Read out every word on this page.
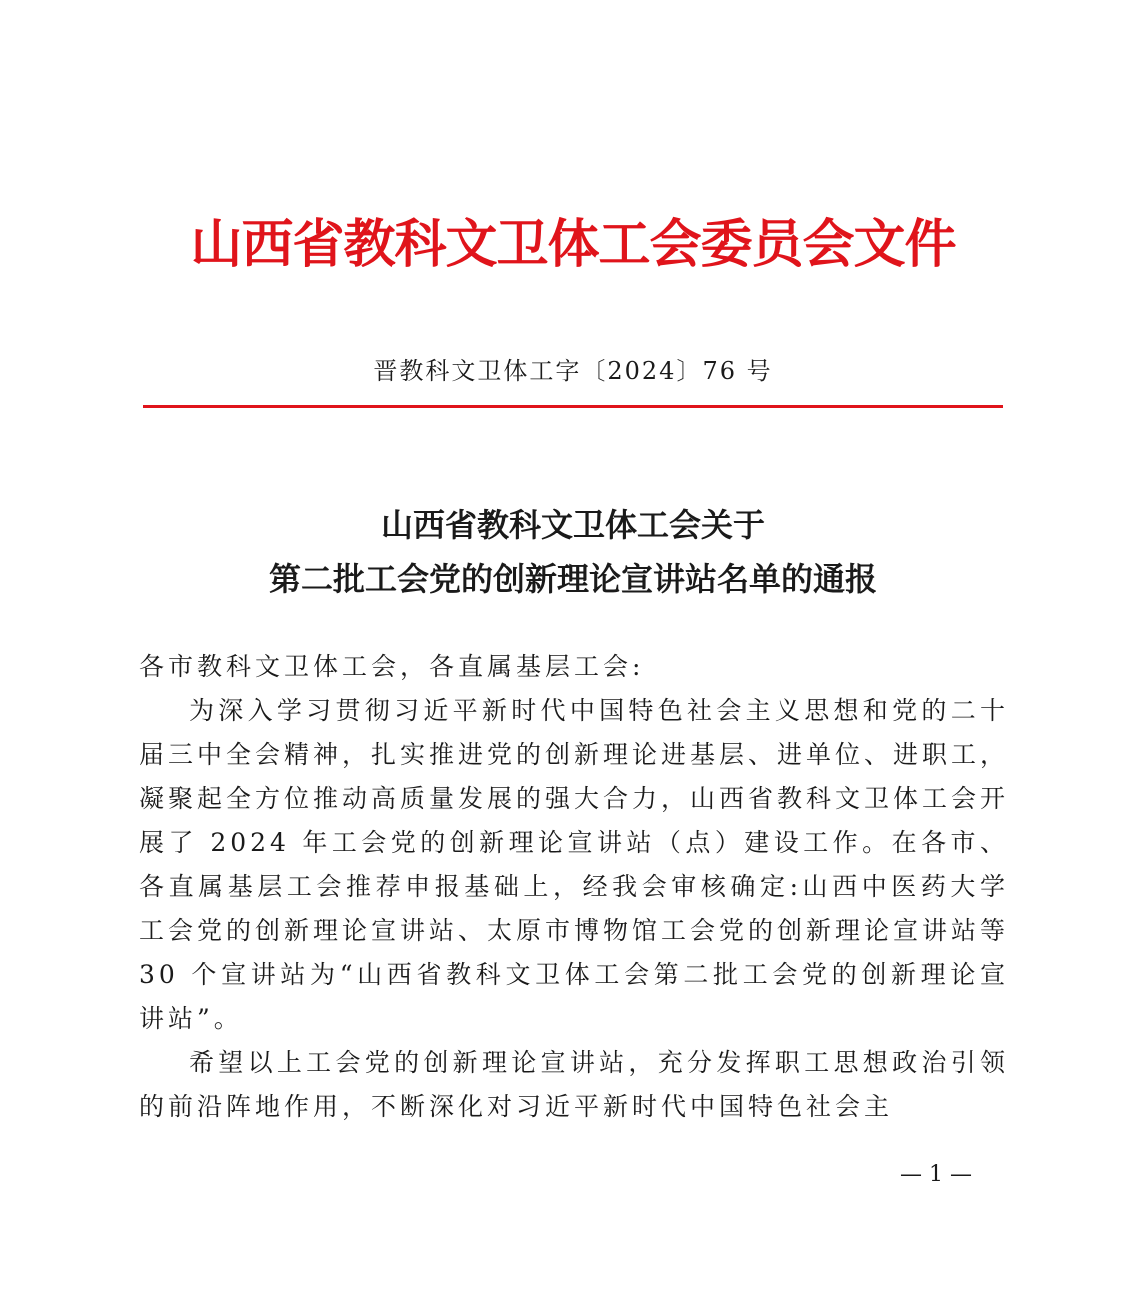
山西省教科文卫体工会委员会文件
晋教科文卫体工字〔2024〕76 号
山西省教科文卫体工会关于
第二批工会党的创新理论宣讲站名单的通报

各市教科文卫体工会，各直属基层工会:

为深入学习贯彻习近平新时代中国特色社会主义思想和党的二十届三中全会精神，扎实推进党的创新理论进基层、进单位、进职工，凝聚起全方位推动高质量发展的强大合力，山西省教科文卫体工会开展了 2024 年工会党的创新理论宣讲站（点）建设工作。在各市、各直属基层工会推荐申报基础上，经我会审核确定:山西中医药大学工会党的创新理论宣讲站、太原市博物馆工会党的创新理论宣讲站等 30 个宣讲站为“山西省教科文卫体工会第二批工会党的创新理论宣讲站”。

希望以上工会党的创新理论宣讲站，充分发挥职工思想政治引领的前沿阵地作用，不断深化对习近平新时代中国特色社会主

— 1 —
